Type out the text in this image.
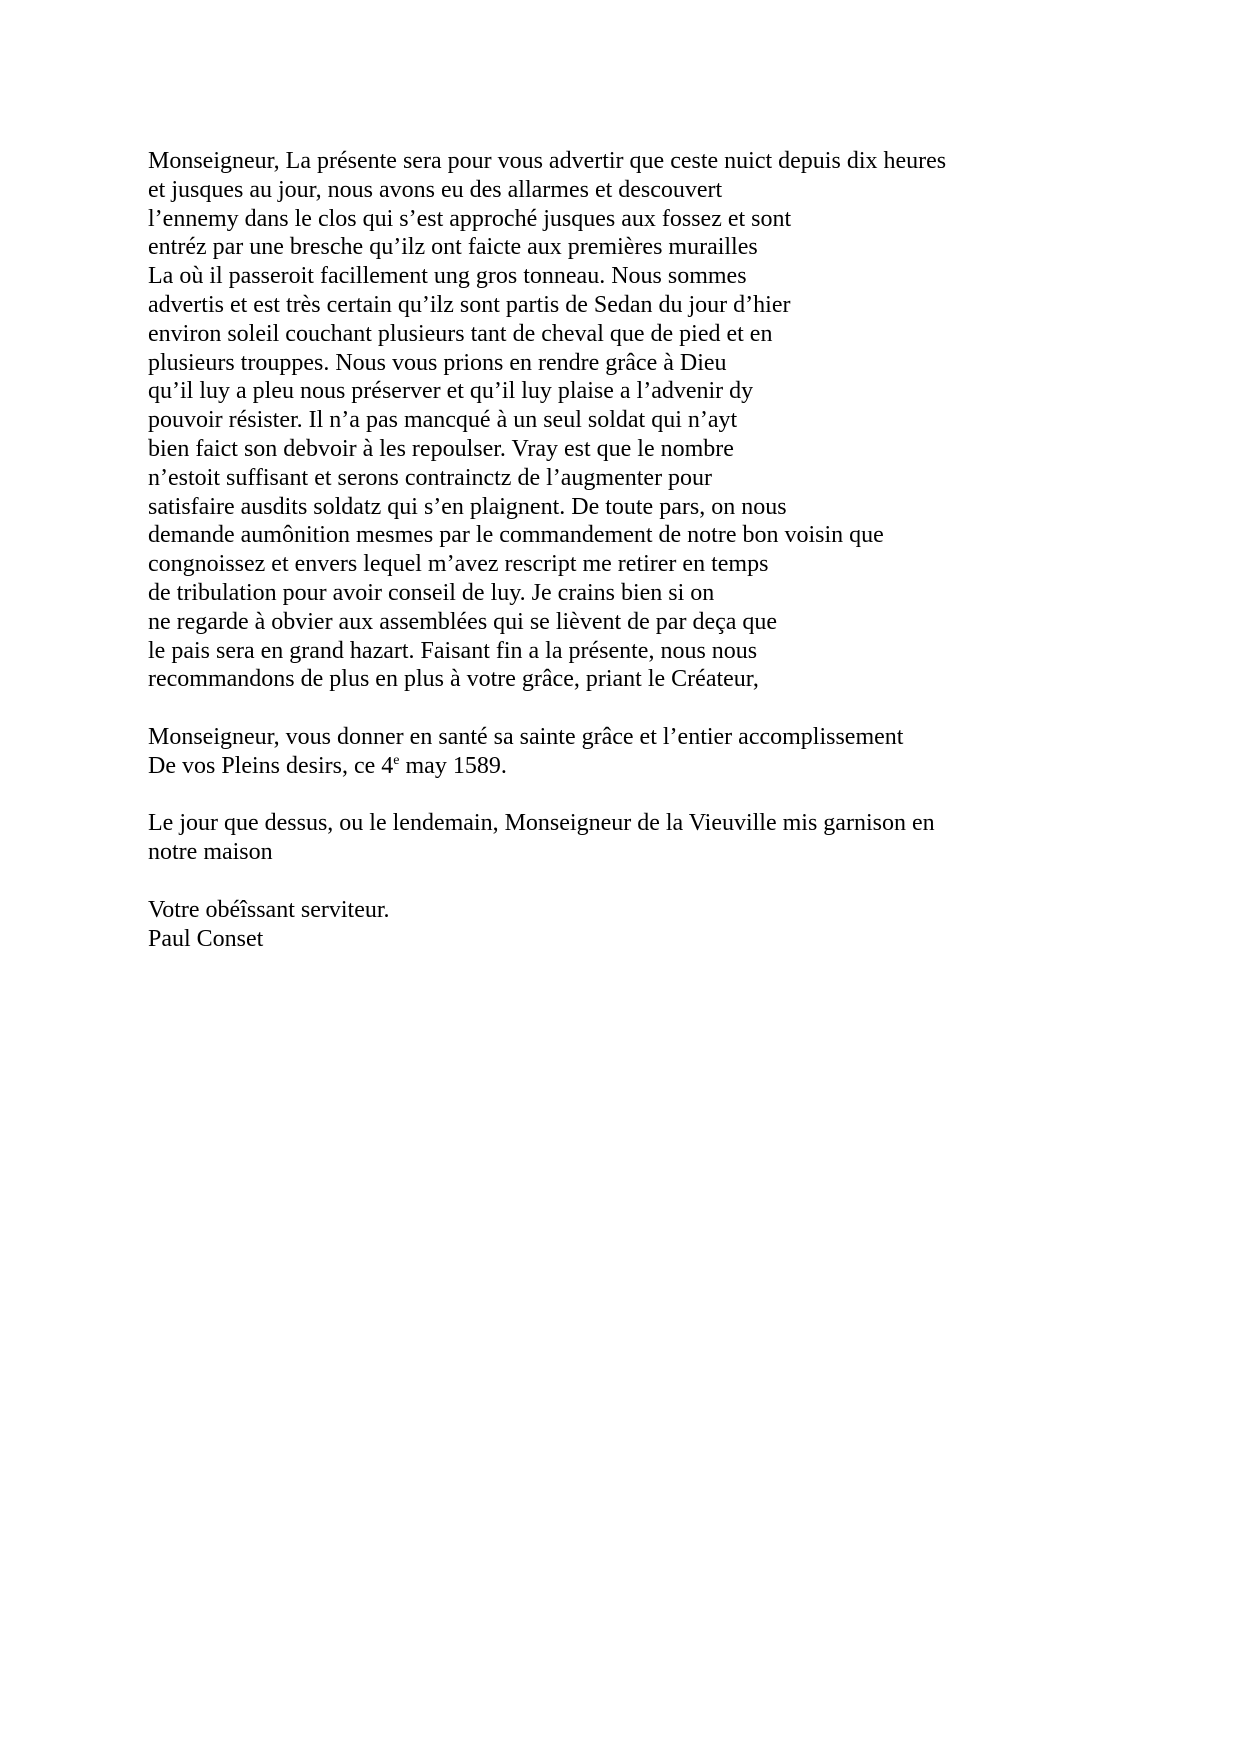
Monseigneur, La présente sera pour vous advertir que ceste nuict depuis dix heures
et jusques au jour, nous avons eu des allarmes et descouvert
l’ennemy dans le clos qui s’est approché jusques aux fossez et sont
entréz par une bresche qu’ilz ont faicte aux premières murailles
La où il passeroit facillement ung gros tonneau. Nous sommes
advertis et est très certain qu’ilz sont partis de Sedan du jour d’hier
environ soleil couchant plusieurs tant de cheval que de pied et en
plusieurs trouppes. Nous vous prions en rendre grâce à Dieu
qu’il luy a pleu nous préserver et qu’il luy plaise a l’advenir dy
pouvoir résister. Il n’a pas mancqué à un seul soldat qui n’ayt
bien faict son debvoir à les repoulser. Vray est que le nombre
n’estoit suffisant et serons contrainctz de l’augmenter pour
satisfaire ausdits soldatz qui s’en plaignent. De toute pars, on nous
demande aumônition mesmes par le commandement de notre bon voisin que
congnoissez et envers lequel m’avez rescript me retirer en temps
de tribulation pour avoir conseil de luy. Je crains bien si on
ne regarde à obvier aux assemblées qui se lièvent de par deça que
le pais sera en grand hazart. Faisant fin a la présente, nous nous
recommandons de plus en plus à votre grâce, priant le Créateur,
Monseigneur, vous donner en santé sa sainte grâce et l’entier accomplissement
De vos Pleins desirs, ce 4e may 1589.
Le jour que dessus, ou le lendemain, Monseigneur de la Vieuville mis garnison en
notre maison
Votre obéîssant serviteur.
Paul Conset
